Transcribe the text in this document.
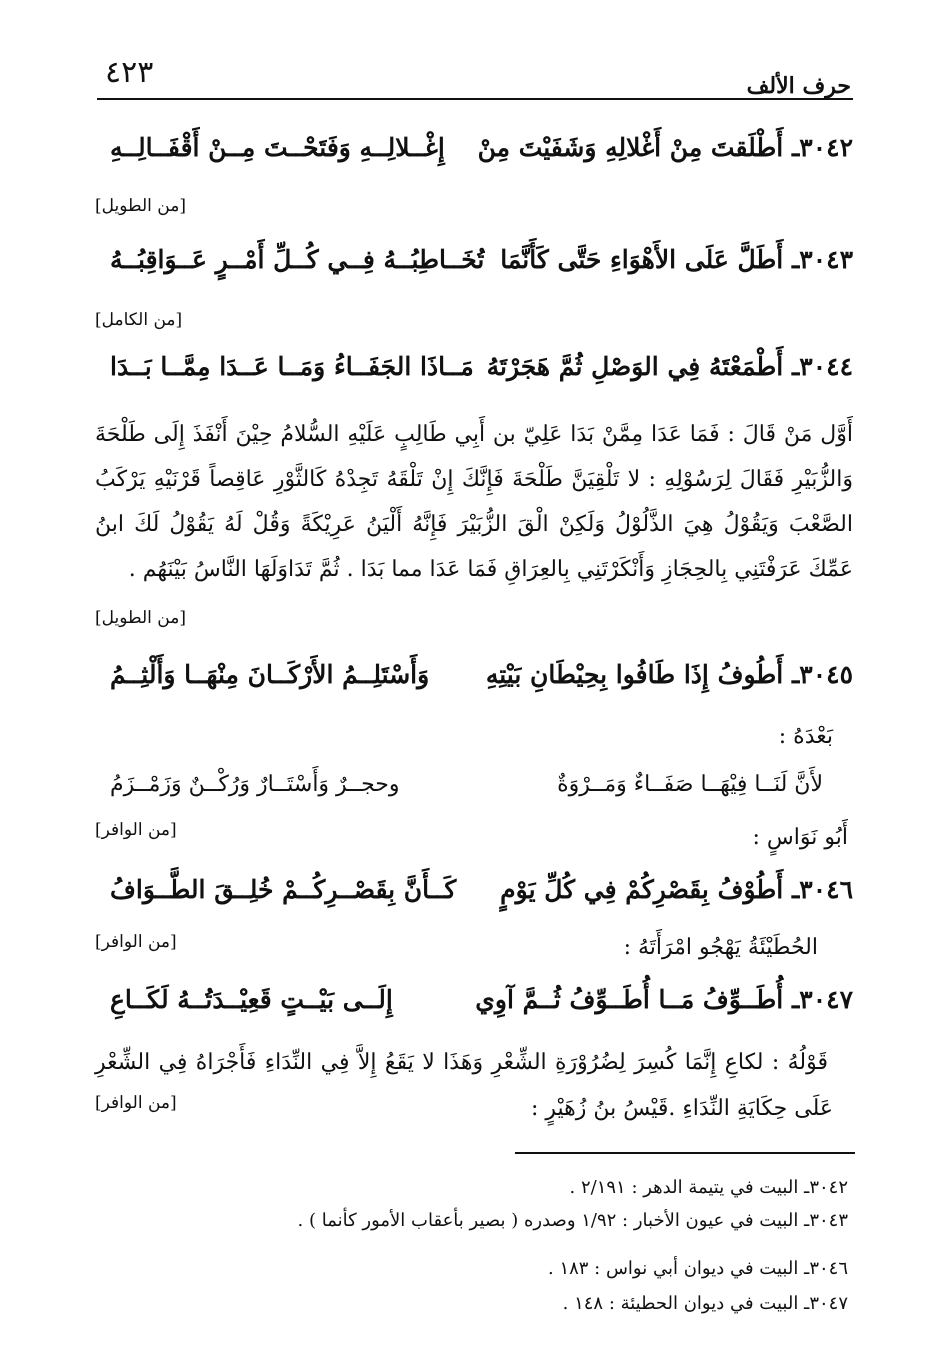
٤٢٣	حرف الألف
٣٠٤٢ـ أَطْلَقتَ مِنْ أَغْلالِهِ وَشَفَيْتَ مِنْ
إِغْــلالِــهِ وَفَتَحْــتَ مِــنْ أَقْفَــالِــهِ
[من الطويل]
٣٠٤٣ـ أَطَلَّ عَلَى الأَهْوَاءِ حَتَّى كَأَنَّمَا
تُخَــاطِبُــهُ فِــي كُــلِّ أَمْــرٍ عَــوَاقِبُــهُ
[من الكامل]
٣٠٤٤ـ أَطْمَعْتَهُ فِي الوَصْلِ ثُمَّ هَجَرْتَهُ
مَــاذَا الجَفَــاءُ وَمَــا عَــدَا مِمَّــا بَــدَا
أَوَّل مَنْ قَالَ : فَمَا عَدَا مِمَّنْ بَدَا عَلِيّ بن أَبِي طَالِبٍ عَلَيْهِ السُّلامُ حِيْنَ أَنْفَذَ إِلَى طَلْحَةَ وَالزُّبَيْرِ فَقَالَ لِرَسُوْلِهِ : لا تَلْقِيَنَّ طَلْحَةَ فَإِنَّكَ إِنْ تَلْقَهُ تَجِدْهُ كَالثَّوْرِ عَاقِصاً قَرْنَيْهِ يَرْكَبُ الصَّعْبَ وَيَقُوْلُ هِيَ الذَّلُوْلُ وَلَكِنْ الْقَ الزُّبَيْرَ فَإِنَّهُ أَلْيَنُ عَرِيْكَةً وَقُلْ لَهُ يَقُوْلُ لَكَ ابنُ عَمِّكَ عَرَفْتَنِي بِالحِجَازِ وَأَنْكَرْتَنِي بِالعِرَاقِ فَمَا عَدَا مما بَدَا . ثُمَّ تَدَاوَلَهَا النَّاسُ بَيْنَهُم .
[من الطويل]
٣٠٤٥ـ أَطُوفُ إِذَا طَافُوا بِحِيْطَانِ بَيْتِهِ
وَأَسْتَلِــمُ الأَرْكَــانَ مِنْهَــا وَأَلْثِــمُ
بَعْدَهُ :
لأَنَّ لَنَــا فِيْهَــا صَفَــاءٌ وَمَــرْوَةٌ
وحجــرٌ وَأَسْتَــارٌ وَرُكْــنٌ وَزَمْــزَمُ
[من الوافر]	أَبُو نَوَاسٍ :
٣٠٤٦ـ أَطُوْفُ بِقَصْرِكُمْ فِي كُلِّ يَوْمٍ
كَــأَنَّ بِقَصْــرِكُــمْ خُلِــقَ الطَّــوَافُ
[من الوافر]	الحُطَيْئَةُ يَهْجُو امْرَأَتَهُ :
٣٠٤٧ـ أُطَــوِّفُ مَــا أُطَــوِّفُ ثُــمَّ آوِي
إِلَــى بَيْــتٍ قَعِيْــدَتُــهُ لَكَــاعِ
قَوْلُهُ : لكاعِ إِنَّمَا كُسِرَ لِضُرُوْرَةِ الشِّعْرِ وَهَذَا لا يَقَعُ إِلاَّ فِي النِّدَاءِ فَأَجْرَاهُ فِي الشِّعْرِ
[من الوافر]	عَلَى حِكَايَةِ النِّدَاءِ .قَيْسُ بنُ زُهَيْرٍ :
٣٠٤٢ـ البيت في يتيمة الدهر : ٢/١٩١ .
٣٠٤٣ـ البيت في عيون الأخبار : ١/٩٢ وصدره ( بصير بأعقاب الأمور كأنما ) .
٣٠٤٦ـ البيت في ديوان أبي نواس : ١٨٣ .
٣٠٤٧ـ البيت في ديوان الحطيئة : ١٤٨ .
